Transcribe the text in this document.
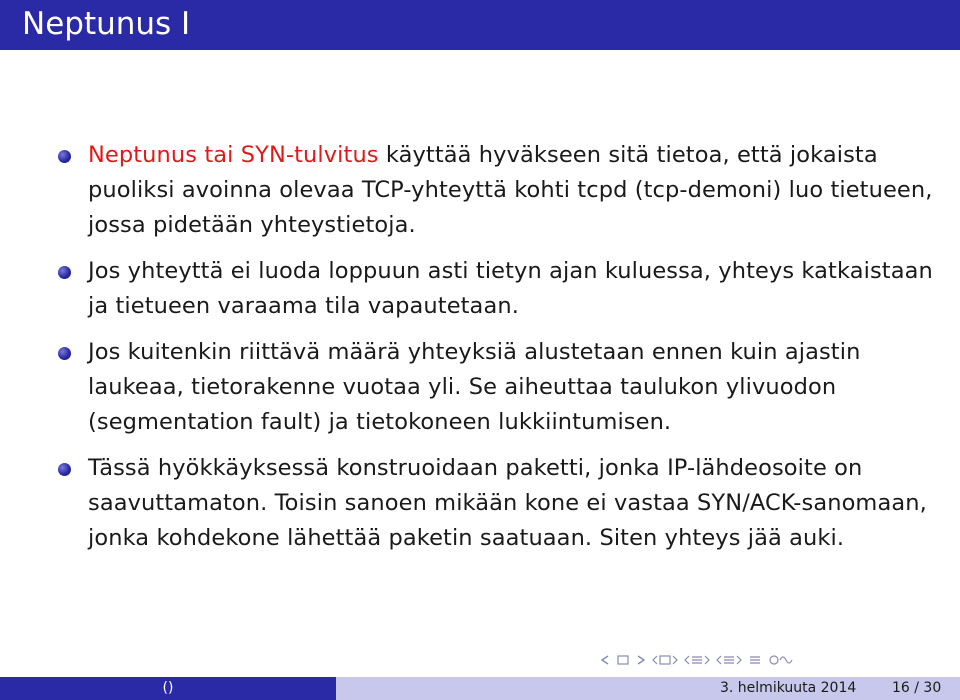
Neptunus I
Neptunus tai SYN-tulvitus käyttää hyväkseen sitä tietoa, että jokaista puoliksi avoinna olevaa TCP-yhteyttä kohti tcpd (tcp-demoni) luo tietueen, jossa pidetään yhteystietoja.
Jos yhteyttä ei luoda loppuun asti tietyn ajan kuluessa, yhteys katkaistaan ja tietueen varaama tila vapautetaan.
Jos kuitenkin riittävä määrä yhteyksiä alustetaan ennen kuin ajastin laukeaa, tietorakenne vuotaa yli. Se aiheuttaa taulukon ylivuodon (segmentation fault) ja tietokoneen lukkiintumisen.
Tässä hyökkäyksessä konstruoidaan paketti, jonka IP-lähdeosoite on saavuttamaton. Toisin sanoen mikään kone ei vastaa SYN/ACK-sanomaan, jonka kohdekone lähettää paketin saatuaan. Siten yhteys jää auki.
()	3. helmikuuta 2014	16 / 30
